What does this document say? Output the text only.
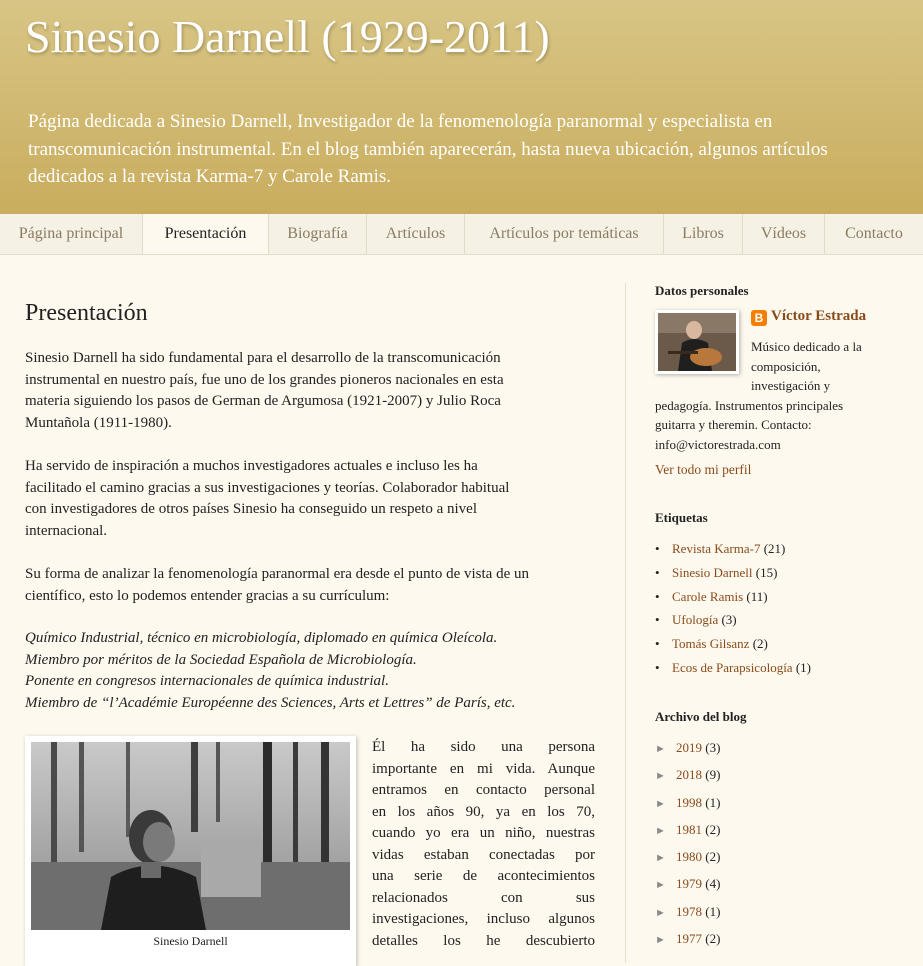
Sinesio Darnell (1929-2011)

Página dedicada a Sinesio Darnell, Investigador de la fenomenología paranormal y especialista en transcomunicación instrumental. En el blog también aparecerán, hasta nueva ubicación, algunos artículos dedicados a la revista Karma-7 y Carole Ramis.

Página principal	Presentación	Biografía	Artículos	Artículos por temáticas	Libros	Vídeos	Contacto
Presentación
Sinesio Darnell ha sido fundamental para el desarrollo de la transcomunicación
instrumental en nuestro país, fue uno de los grandes pioneros nacionales en esta
materia siguiendo los pasos de German de Argumosa (1921-2007) y Julio Roca
Muntañola (1911-1980).
Ha servido de inspiración a muchos investigadores actuales e incluso les ha
facilitado el camino gracias a sus investigaciones y teorías. Colaborador habitual
con investigadores de otros países Sinesio ha conseguido un respeto a nivel
internacional.
Su forma de analizar la fenomenología paranormal era desde el punto de vista de un
científico, esto lo podemos entender gracias a su currículum:
Químico Industrial, técnico en microbiología, diplomado en química Oleícola.
Miembro por méritos de la Sociedad Española de Microbiología.
Ponente en congresos internacionales de química industrial.
Miembro de “l’Académie Européenne des Sciences, Arts et Lettres” de París, etc.
Sinesio Darnell
Él ha sido una persona
importante en mi vida. Aunque
entramos en contacto personal
en los años 90, ya en los 70,
cuando yo era un niño, nuestras
vidas estaban conectadas por
una serie de acontecimientos
relacionados con sus
investigaciones, incluso algunos
detalles los he descubierto
Datos personales
B Víctor Estrada
Músico dedicado a la
composición,
investigación y
pedagogía. Instrumentos principales
guitarra y theremin. Contacto:
info@victorestrada.com
Ver todo mi perfil
Etiquetas
• Revista Karma-7 (21)
• Sinesio Darnell (15)
• Carole Ramis (11)
• Ufología (3)
• Tomás Gilsanz (2)
• Ecos de Parapsicología (1)
Archivo del blog
► 2019 (3)
► 2018 (9)
► 1998 (1)
► 1981 (2)
► 1980 (2)
► 1979 (4)
► 1978 (1)
► 1977 (2)
